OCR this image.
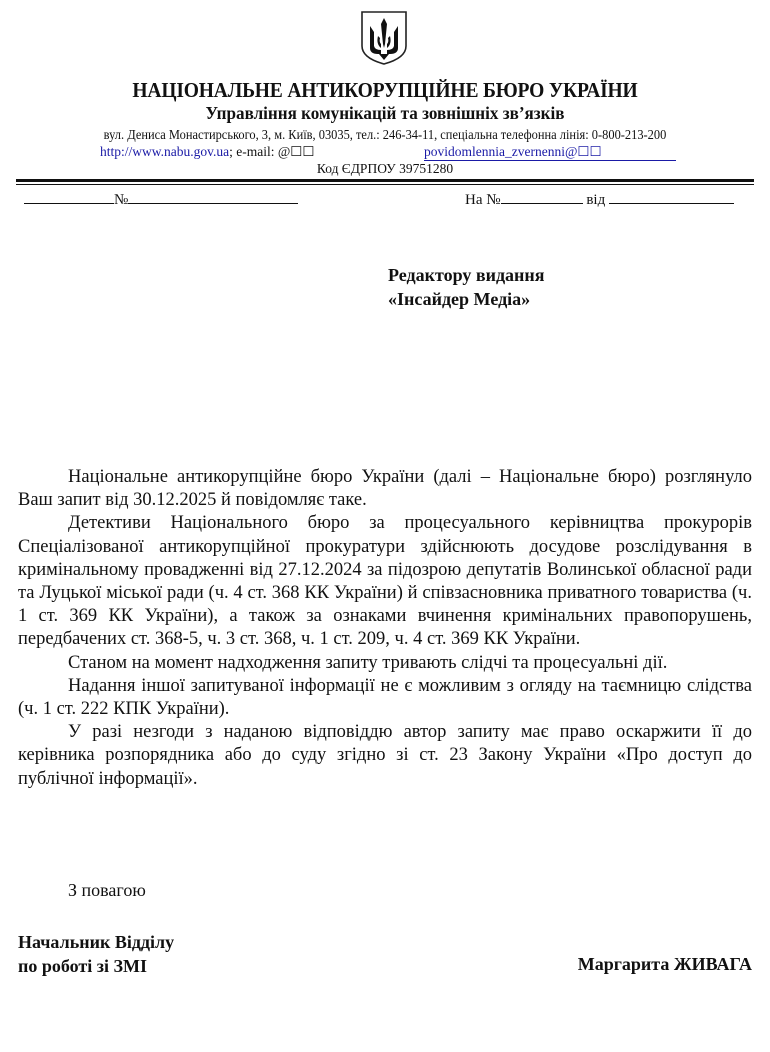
НАЦІОНАЛЬНЕ АНТИКОРУПЦІЙНЕ БЮРО УКРАЇНИ
Управління комунікацій та зовнішніх зв’язків
вул. Дениса Монастирського, 3, м. Київ, 03035, тел.: 246-34-11, спеціальна телефонна лінія: 0-800-213-200
http://www.nabu.gov.ua; e-mail: @☐☐	povidomlennia_zvernenni@☐☐
Код ЄДРПОУ 39751280
№	На №	від
Редактору видання
«Інсайдер Медіа»

Національне антикорупційне бюро України (далі – Національне бюро) розглянуло Ваш запит від 30.12.2025 й повідомляє таке.

Детективи Національного бюро за процесуального керівництва прокурорів Спеціалізованої антикорупційної прокуратури здійснюють досудове розслідування в кримінальному провадженні від 27.12.2024 за підозрою депутатів Волинської обласної ради та Луцької міської ради (ч. 4 ст. 368 КК України) й співзасновника приватного товариства (ч. 1 ст. 369 КК України), а також за ознаками вчинення кримінальних правопорушень, передбачених ст. 368-5, ч. 3 ст. 368, ч. 1 ст. 209, ч. 4 ст. 369 КК України.

Станом на момент надходження запиту тривають слідчі та процесуальні дії.

Надання іншої запитуваної інформації не є можливим з огляду на таємницю слідства (ч. 1 ст. 222 КПК України).

У разі незгоди з наданою відповіддю автор запиту має право оскаржити її до керівника розпорядника або до суду згідно зі ст. 23 Закону України «Про доступ до публічної інформації».

З повагою
Начальник Відділу
по роботі зі ЗМІ	Маргарита ЖИВАГА
